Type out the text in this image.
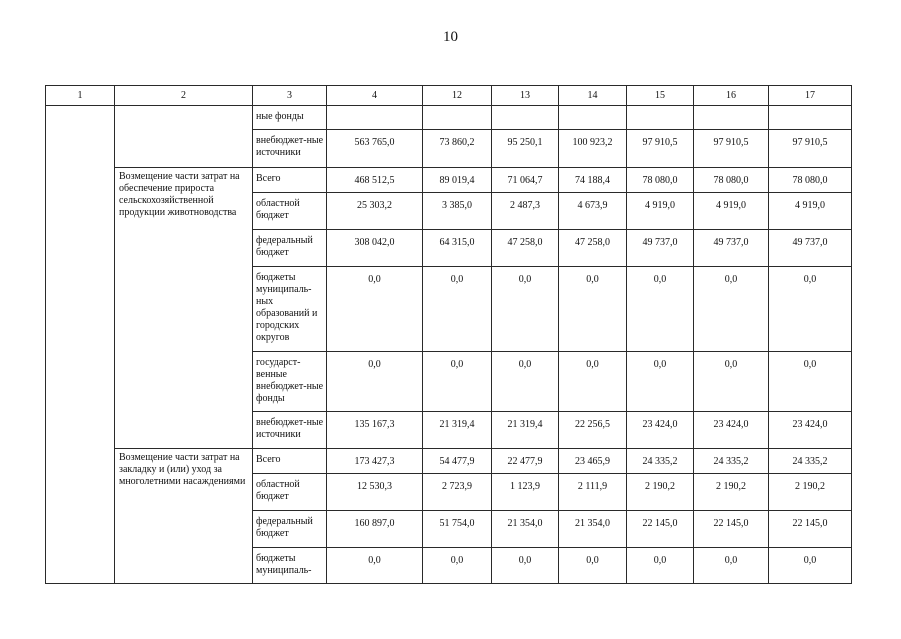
10
1	2	3	4	12	13	14	15	16	17
		ные фонды							
		внебюджет-ные источники	563 765,0	73 860,2	95 250,1	100 923,2	97 910,5	97 910,5	97 910,5
	Возмещение части затрат на обеспечение прироста сельскохозяйственной продукции животноводства	Всего	468 512,5	89 019,4	71 064,7	74 188,4	78 080,0	78 080,0	78 080,0
		областной бюджет	25 303,2	3 385,0	2 487,3	4 673,9	4 919,0	4 919,0	4 919,0
		федеральный бюджет	308 042,0	64 315,0	47 258,0	47 258,0	49 737,0	49 737,0	49 737,0
		бюджеты муниципаль-ных образований и городских округов	0,0	0,0	0,0	0,0	0,0	0,0	0,0
		государст-венные внебюджет-ные фонды	0,0	0,0	0,0	0,0	0,0	0,0	0,0
		внебюджет-ные источники	135 167,3	21 319,4	21 319,4	22 256,5	23 424,0	23 424,0	23 424,0
	Возмещение части затрат на закладку и (или) уход за многолетними насаждениями	Всего	173 427,3	54 477,9	22 477,9	23 465,9	24 335,2	24 335,2	24 335,2
		областной бюджет	12 530,3	2 723,9	1 123,9	2 111,9	2 190,2	2 190,2	2 190,2
		федеральный бюджет	160 897,0	51 754,0	21 354,0	21 354,0	22 145,0	22 145,0	22 145,0
		бюджеты муниципаль-	0,0	0,0	0,0	0,0	0,0	0,0	0,0
